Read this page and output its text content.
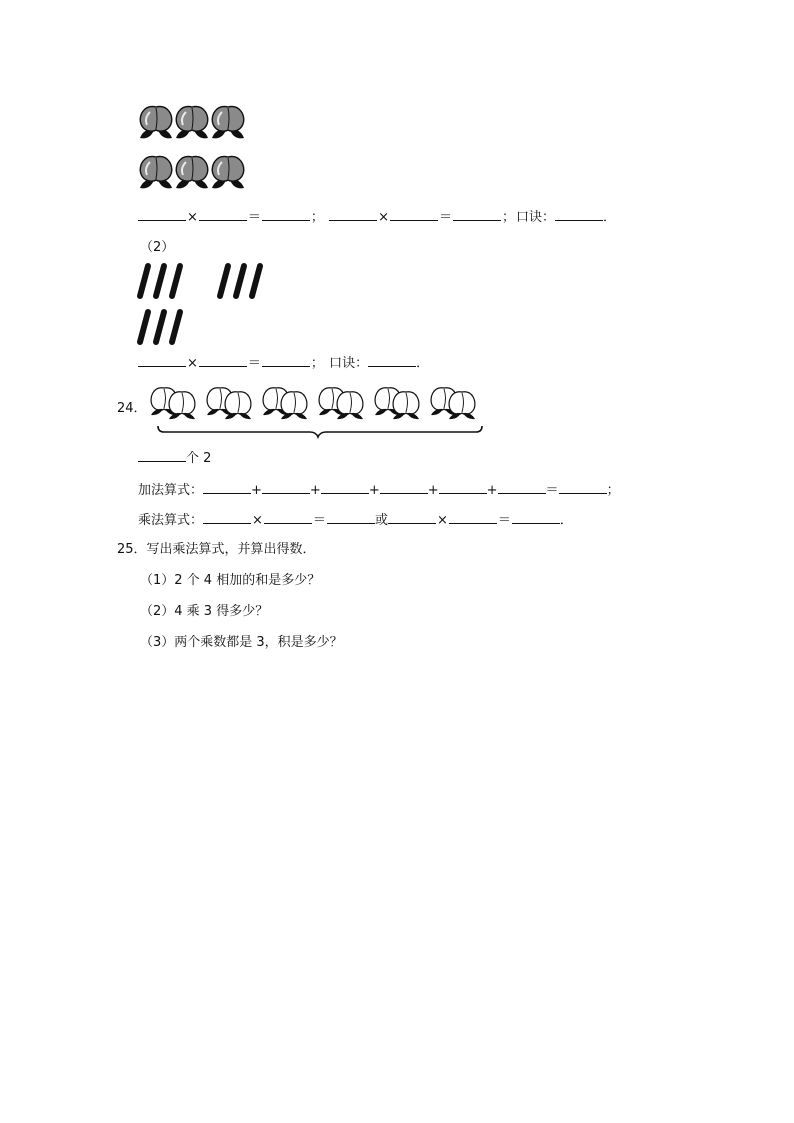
×	＝	；	×	＝	；口诀：	．
（2）
×	＝	； 口诀：	．
24．
个 2
加法算式：	+	+	+	+	+	＝	；
乘法算式：	×	＝	或	×	＝	．
25．写出乘法算式，并算出得数．
（1）2 个 4 相加的和是多少？
（2）4 乘 3 得多少？
（3）两个乘数都是 3，积是多少？
